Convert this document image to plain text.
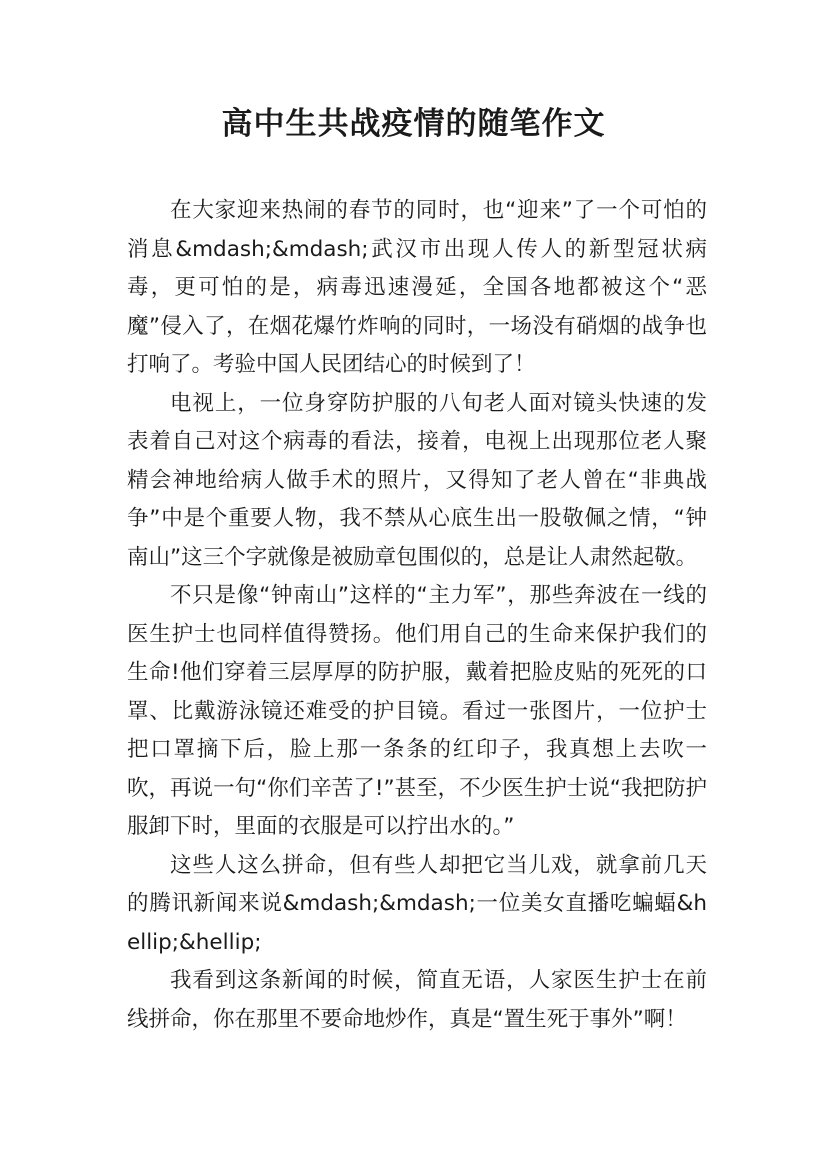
高中生共战疫情的随笔作文

在大家迎来热闹的春节的同时，也“迎来”了一个可怕的消息&mdash;&mdash;武汉市出现人传人的新型冠状病毒，更可怕的是，病毒迅速漫延，全国各地都被这个“恶魔”侵入了，在烟花爆竹炸响的同时，一场没有硝烟的战争也打响了。考验中国人民团结心的时候到了！

电视上，一位身穿防护服的八旬老人面对镜头快速的发表着自己对这个病毒的看法，接着，电视上出现那位老人聚精会神地给病人做手术的照片，又得知了老人曾在“非典战争”中是个重要人物，我不禁从心底生出一股敬佩之情，“钟南山”这三个字就像是被励章包围似的，总是让人肃然起敬。

不只是像“钟南山”这样的“主力军”，那些奔波在一线的医生护士也同样值得赞扬。他们用自己的生命来保护我们的生命!他们穿着三层厚厚的防护服，戴着把脸皮贴的死死的口罩、比戴游泳镜还难受的护目镜。看过一张图片，一位护士把口罩摘下后，脸上那一条条的红印子，我真想上去吹一吹，再说一句“你们辛苦了!”甚至，不少医生护士说“我把防护服卸下时，里面的衣服是可以拧出水的。”

这些人这么拼命，但有些人却把它当儿戏，就拿前几天的腾讯新闻来说&mdash;&mdash;一位美女直播吃蝙蝠&hellip;&hellip;

我看到这条新闻的时候，简直无语，人家医生护士在前线拼命，你在那里不要命地炒作，真是“置生死于事外”啊！
